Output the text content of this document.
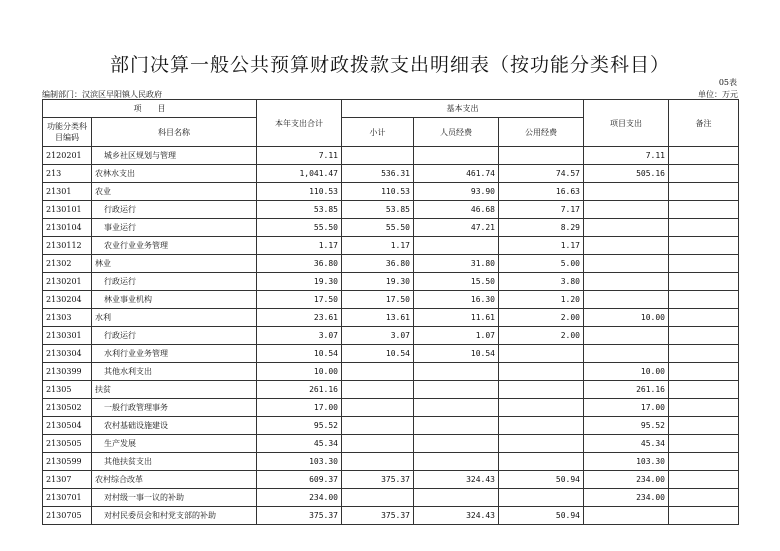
部门决算一般公共预算财政拨款支出明细表（按功能分类科目）
05表
编制部门：汉滨区早阳镇人民政府	单位：万元
项　　目		本年支出合计	基本支出			项目支出	备注
功能分类科目编码	科目名称		小计	人员经费	公用经费		
2120201	城乡社区规划与管理	7.11				7.11	
213	农林水支出	1,041.47	536.31	461.74	74.57	505.16	
21301	农业	110.53	110.53	93.90	16.63		
2130101	行政运行	53.85	53.85	46.68	7.17		
2130104	事业运行	55.50	55.50	47.21	8.29		
2130112	农业行业业务管理	1.17	1.17		1.17		
21302	林业	36.80	36.80	31.80	5.00		
2130201	行政运行	19.30	19.30	15.50	3.80		
2130204	林业事业机构	17.50	17.50	16.30	1.20		
21303	水利	23.61	13.61	11.61	2.00	10.00	
2130301	行政运行	3.07	3.07	1.07	2.00		
2130304	水利行业业务管理	10.54	10.54	10.54			
2130399	其他水利支出	10.00				10.00	
21305	扶贫	261.16				261.16	
2130502	一般行政管理事务	17.00				17.00	
2130504	农村基础设施建设	95.52				95.52	
2130505	生产发展	45.34				45.34	
2130599	其他扶贫支出	103.30				103.30	
21307	农村综合改革	609.37	375.37	324.43	50.94	234.00	
2130701	对村级一事一议的补助	234.00				234.00	
2130705	对村民委员会和村党支部的补助	375.37	375.37	324.43	50.94		
